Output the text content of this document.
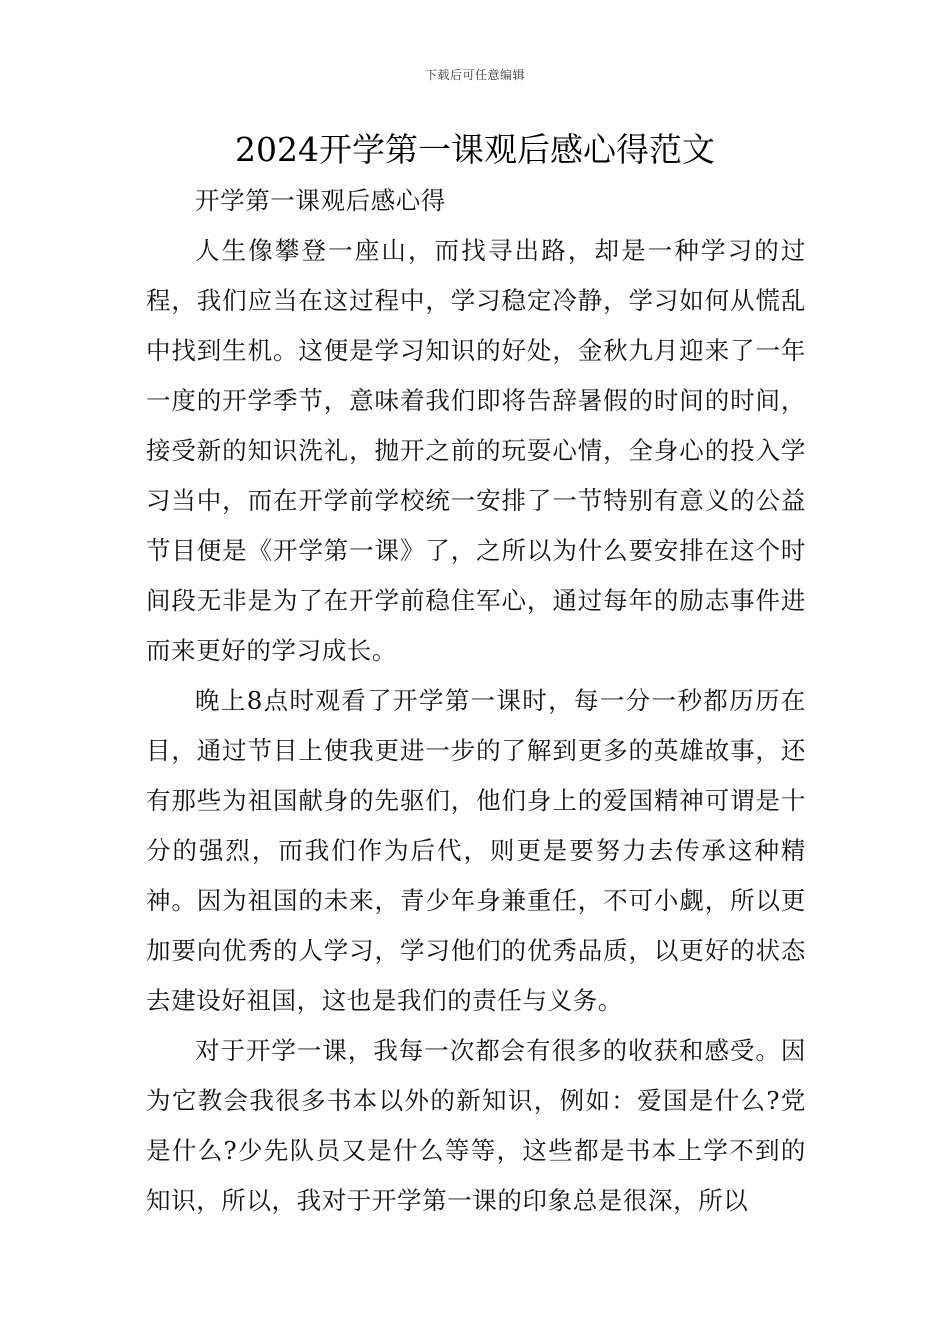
下载后可任意编辑
2024开学第一课观后感心得范文

开学第一课观后感心得

人生像攀登一座山，而找寻出路，却是一种学习的过程，我们应当在这过程中，学习稳定冷静，学习如何从慌乱中找到生机。这便是学习知识的好处，金秋九月迎来了一年一度的开学季节，意味着我们即将告辞暑假的时间的时间，接受新的知识洗礼，抛开之前的玩耍心情，全身心的投入学习当中，而在开学前学校统一安排了一节特别有意义的公益节目便是《开学第一课》了，之所以为什么要安排在这个时间段无非是为了在开学前稳住军心，通过每年的励志事件进而来更好的学习成长。

晚上8点时观看了开学第一课时，每一分一秒都历历在目，通过节目上使我更进一步的了解到更多的英雄故事，还有那些为祖国献身的先驱们，他们身上的爱国精神可谓是十分的强烈，而我们作为后代，则更是要努力去传承这种精神。因为祖国的未来，青少年身兼重任，不可小觑，所以更加要向优秀的人学习，学习他们的优秀品质，以更好的状态去建设好祖国，这也是我们的责任与义务。

对于开学一课，我每一次都会有很多的收获和感受。因为它教会我很多书本以外的新知识，例如：爱国是什么?党是什么?少先队员又是什么等等，这些都是书本上学不到的知识，所以，我对于开学第一课的印象总是很深，所以
